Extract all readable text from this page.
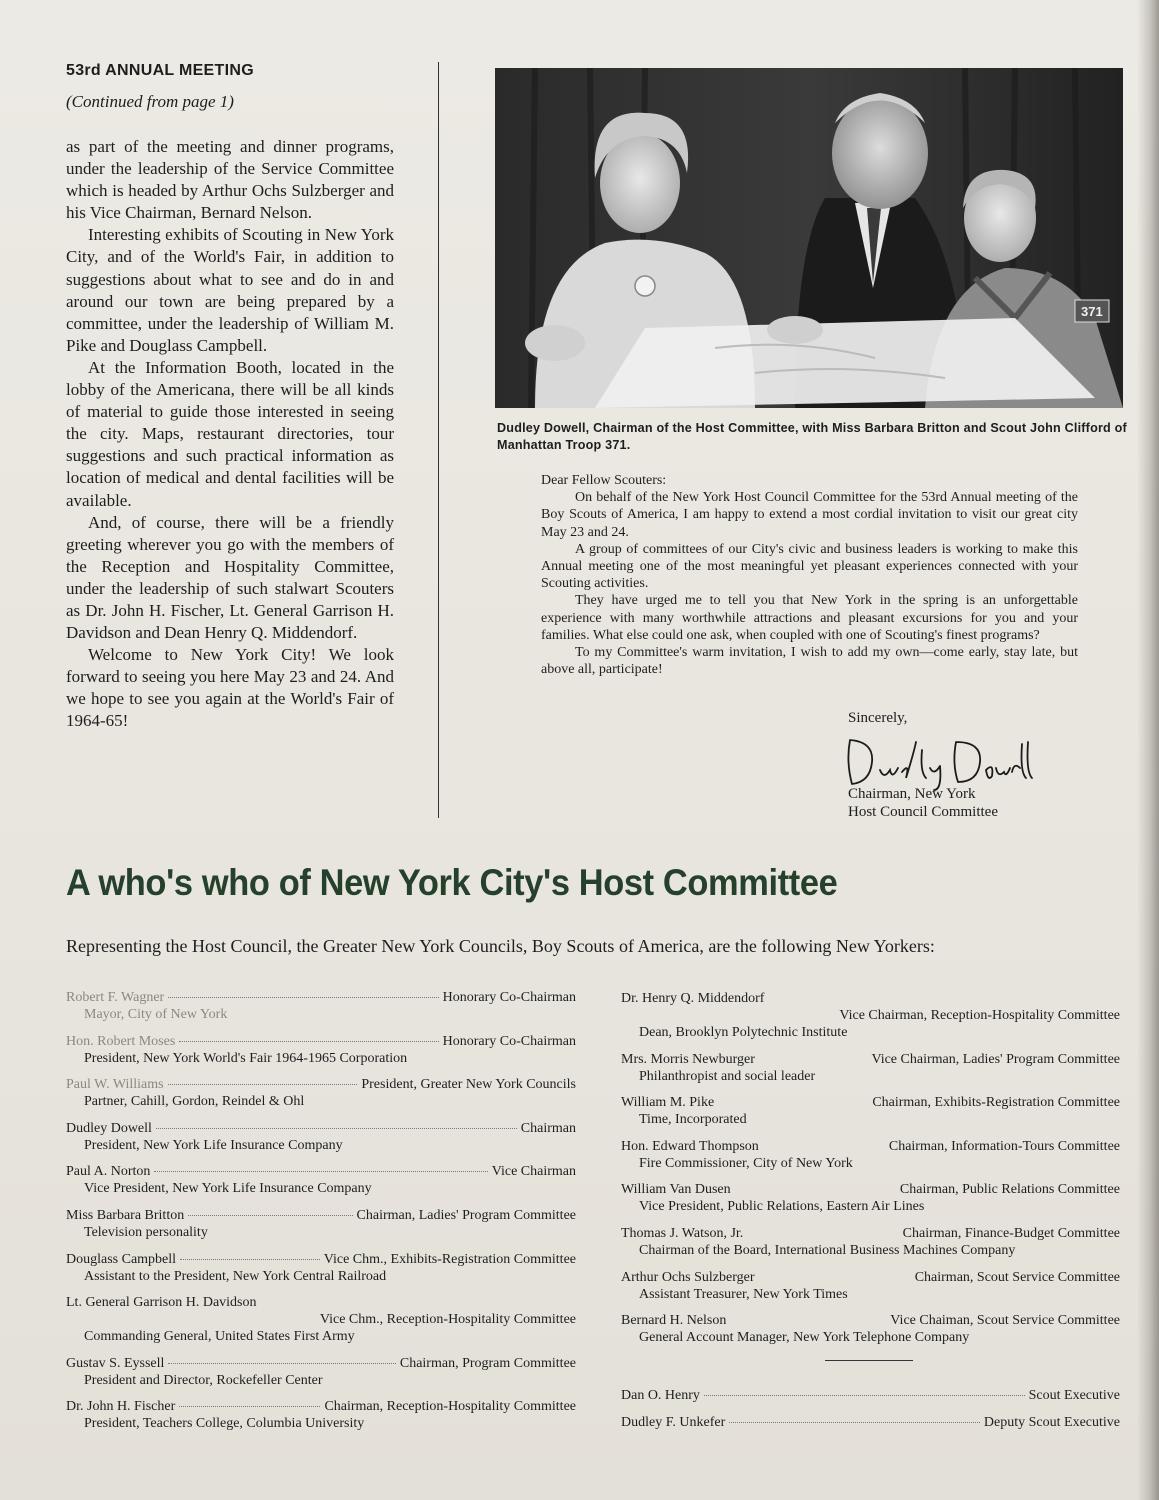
53rd ANNUAL MEETING
(Continued from page 1)

as part of the meeting and dinner programs, under the leadership of the Service Committee which is headed by Arthur Ochs Sulzberger and his Vice Chairman, Bernard Nelson.

Interesting exhibits of Scouting in New York City, and of the World's Fair, in addition to suggestions about what to see and do in and around our town are being prepared by a committee, under the leadership of William M. Pike and Douglass Campbell.

At the Information Booth, located in the lobby of the Americana, there will be all kinds of material to guide those interested in seeing the city. Maps, restaurant directories, tour suggestions and such practical information as location of medical and dental facilities will be available.

And, of course, there will be a friendly greeting wherever you go with the members of the Reception and Hospitality Committee, under the leadership of such stalwart Scouters as Dr. John H. Fischer, Lt. General Garrison H. Davidson and Dean Henry Q. Middendorf.

Welcome to New York City! We look forward to seeing you here May 23 and 24. And we hope to see you again at the World's Fair of 1964-65!

371
Dudley Dowell, Chairman of the Host Committee, with Miss Barbara Britton and Scout John Clifford of Manhattan Troop 371.

Dear Fellow Scouters:

On behalf of the New York Host Council Committee for the 53rd Annual meeting of the Boy Scouts of America, I am happy to extend a most cordial invitation to visit our great city May 23 and 24.

A group of committees of our City's civic and business leaders is working to make this Annual meeting one of the most meaningful yet pleasant experiences connected with your Scouting activities.

They have urged me to tell you that New York in the spring is an unforgettable experience with many worthwhile attractions and pleasant excursions for you and your families. What else could one ask, when coupled with one of Scouting's finest programs?

To my Committee's warm invitation, I wish to add my own—come early, stay late, but above all, participate!

Sincerely,
Chairman, New York
Host Council Committee
A who's who of New York City's Host Committee
Representing the Host Council, the Greater New York Councils, Boy Scouts of America, are the following New Yorkers:
Robert F. Wagner	Honorary Co-Chairman
Mayor, City of New York
Hon. Robert Moses	Honorary Co-Chairman
President, New York World's Fair 1964-1965 Corporation
Paul W. Williams	President, Greater New York Councils
Partner, Cahill, Gordon, Reindel & Ohl
Dudley Dowell	Chairman
President, New York Life Insurance Company
Paul A. Norton	Vice Chairman
Vice President, New York Life Insurance Company
Miss Barbara Britton	Chairman, Ladies' Program Committee
Television personality
Douglass Campbell	Vice Chm., Exhibits-Registration Committee
Assistant to the President, New York Central Railroad
Lt. General Garrison H. Davidson
Vice Chm., Reception-Hospitality Committee
Commanding General, United States First Army
Gustav S. Eyssell	Chairman, Program Committee
President and Director, Rockefeller Center
Dr. John H. Fischer	Chairman, Reception-Hospitality Committee
President, Teachers College, Columbia University
Dr. Henry Q. Middendorf
Vice Chairman, Reception-Hospitality Committee
Dean, Brooklyn Polytechnic Institute
Mrs. Morris Newburger	Vice Chairman, Ladies' Program Committee
Philanthropist and social leader
William M. Pike	Chairman, Exhibits-Registration Committee
Time, Incorporated
Hon. Edward Thompson	Chairman, Information-Tours Committee
Fire Commissioner, City of New York
William Van Dusen	Chairman, Public Relations Committee
Vice President, Public Relations, Eastern Air Lines
Thomas J. Watson, Jr.	Chairman, Finance-Budget Committee
Chairman of the Board, International Business Machines Company
Arthur Ochs Sulzberger	Chairman, Scout Service Committee
Assistant Treasurer, New York Times
Bernard H. Nelson	Vice Chaiman, Scout Service Committee
General Account Manager, New York Telephone Company
Dan O. Henry	Scout Executive
Dudley F. Unkefer	Deputy Scout Executive
